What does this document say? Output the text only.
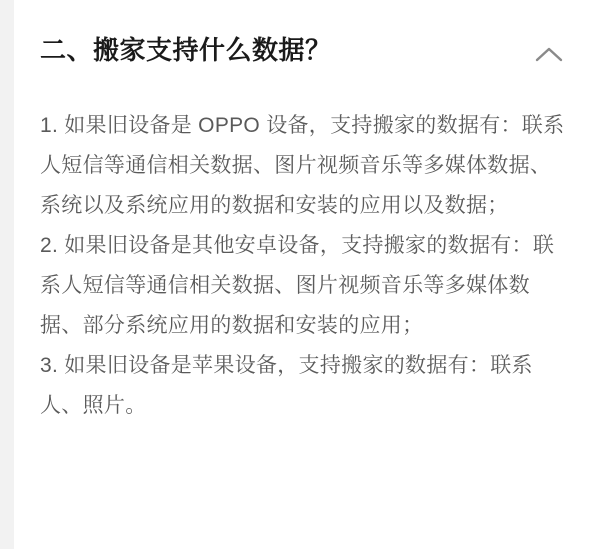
二、搬家支持什么数据？

1. 如果旧设备是 OPPO 设备，支持搬家的数据有：联系人短信等通信相关数据、图片视频音乐等多媒体数据、系统以及系统应用的数据和安装的应用以及数据；

2. 如果旧设备是其他安卓设备，支持搬家的数据有：联系人短信等通信相关数据、图片视频音乐等多媒体数据、部分系统应用的数据和安装的应用；

3. 如果旧设备是苹果设备，支持搬家的数据有：联系人、照片。
